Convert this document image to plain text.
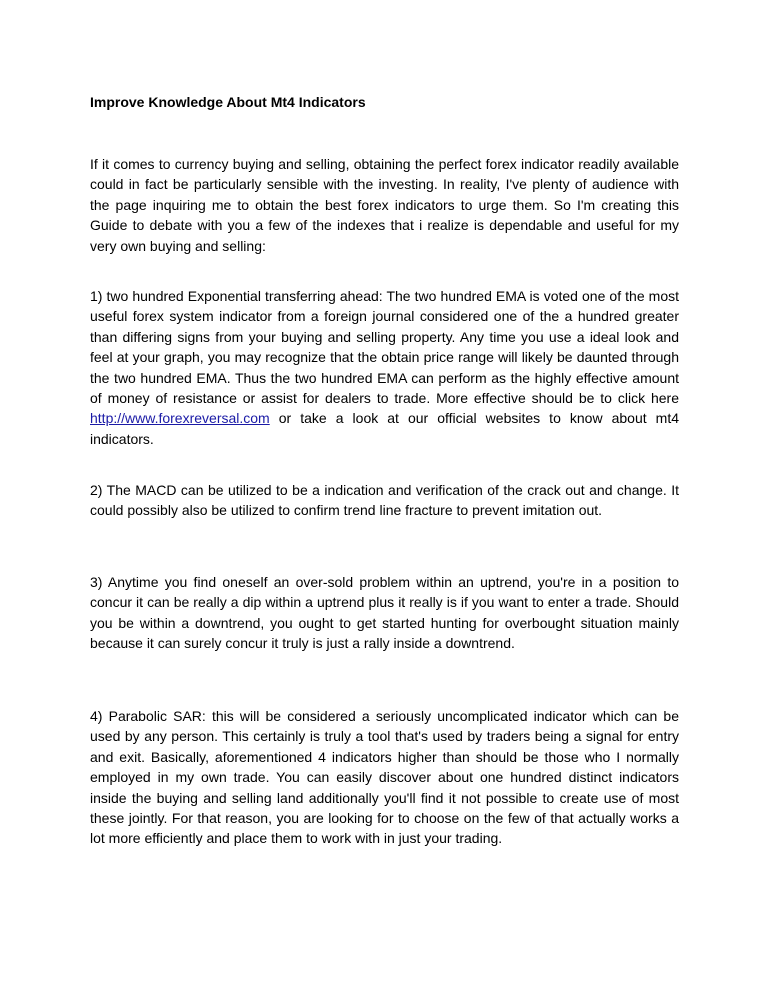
Improve Knowledge About Mt4 Indicators

If it comes to currency buying and selling, obtaining the perfect forex indicator readily available could in fact be particularly sensible with the investing. In reality, I've plenty of audience with the page inquiring me to obtain the best forex indicators to urge them. So I'm creating this Guide to debate with you a few of the indexes that i realize is dependable and useful for my very own buying and selling:

1) two hundred Exponential transferring ahead: The two hundred EMA is voted one of the most useful forex system indicator from a foreign journal considered one of the a hundred greater than differing signs from your buying and selling property. Any time you use a ideal look and feel at your graph, you may recognize that the obtain price range will likely be daunted through the two hundred EMA. Thus the two hundred EMA can perform as the highly effective amount of money of resistance or assist for dealers to trade. More effective should be to click here http://www.forexreversal.com or take a look at our official websites to know about mt4 indicators.

2) The MACD can be utilized to be a indication and verification of the crack out and change. It could possibly also be utilized to confirm trend line fracture to prevent imitation out.

3) Anytime you find oneself an over-sold problem within an uptrend, you're in a position to concur it can be really a dip within a uptrend plus it really is if you want to enter a trade. Should you be within a downtrend, you ought to get started hunting for overbought situation mainly because it can surely concur it truly is just a rally inside a downtrend.

4) Parabolic SAR: this will be considered a seriously uncomplicated indicator which can be used by any person. This certainly is truly a tool that's used by traders being a signal for entry and exit. Basically, aforementioned 4 indicators higher than should be those who I normally employed in my own trade. You can easily discover about one hundred distinct indicators inside the buying and selling land additionally you'll find it not possible to create use of most these jointly. For that reason, you are looking for to choose on the few of that actually works a lot more efficiently and place them to work with in just your trading.
